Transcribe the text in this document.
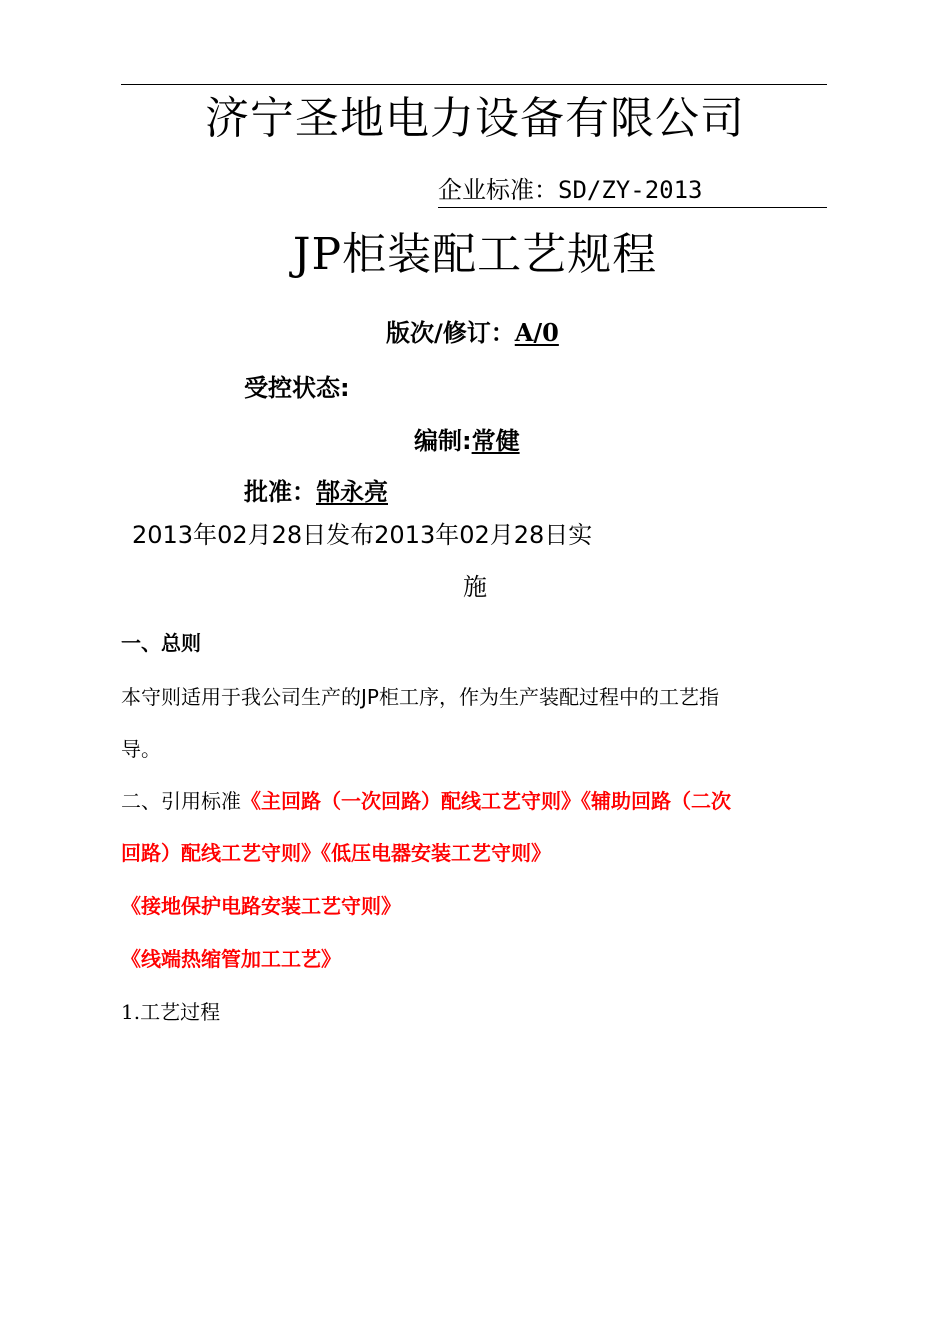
济宁圣地电力设备有限公司
企业标准：SD/ZY-2013
JP柜装配工艺规程
版次/修订：A/0
受控状态:
编制:常健
批准：郜永亮
2013年02月28日发布2013年02月28日实
施
一、总则
本守则适用于我公司生产的JP柜工序，作为生产装配过程中的工艺指
导。
二、引用标准《主回路（一次回路）配线工艺守则》《辅助回路（二次
回路）配线工艺守则》《低压电器安装工艺守则》
《接地保护电路安装工艺守则》
《线端热缩管加工工艺》
1.工艺过程
